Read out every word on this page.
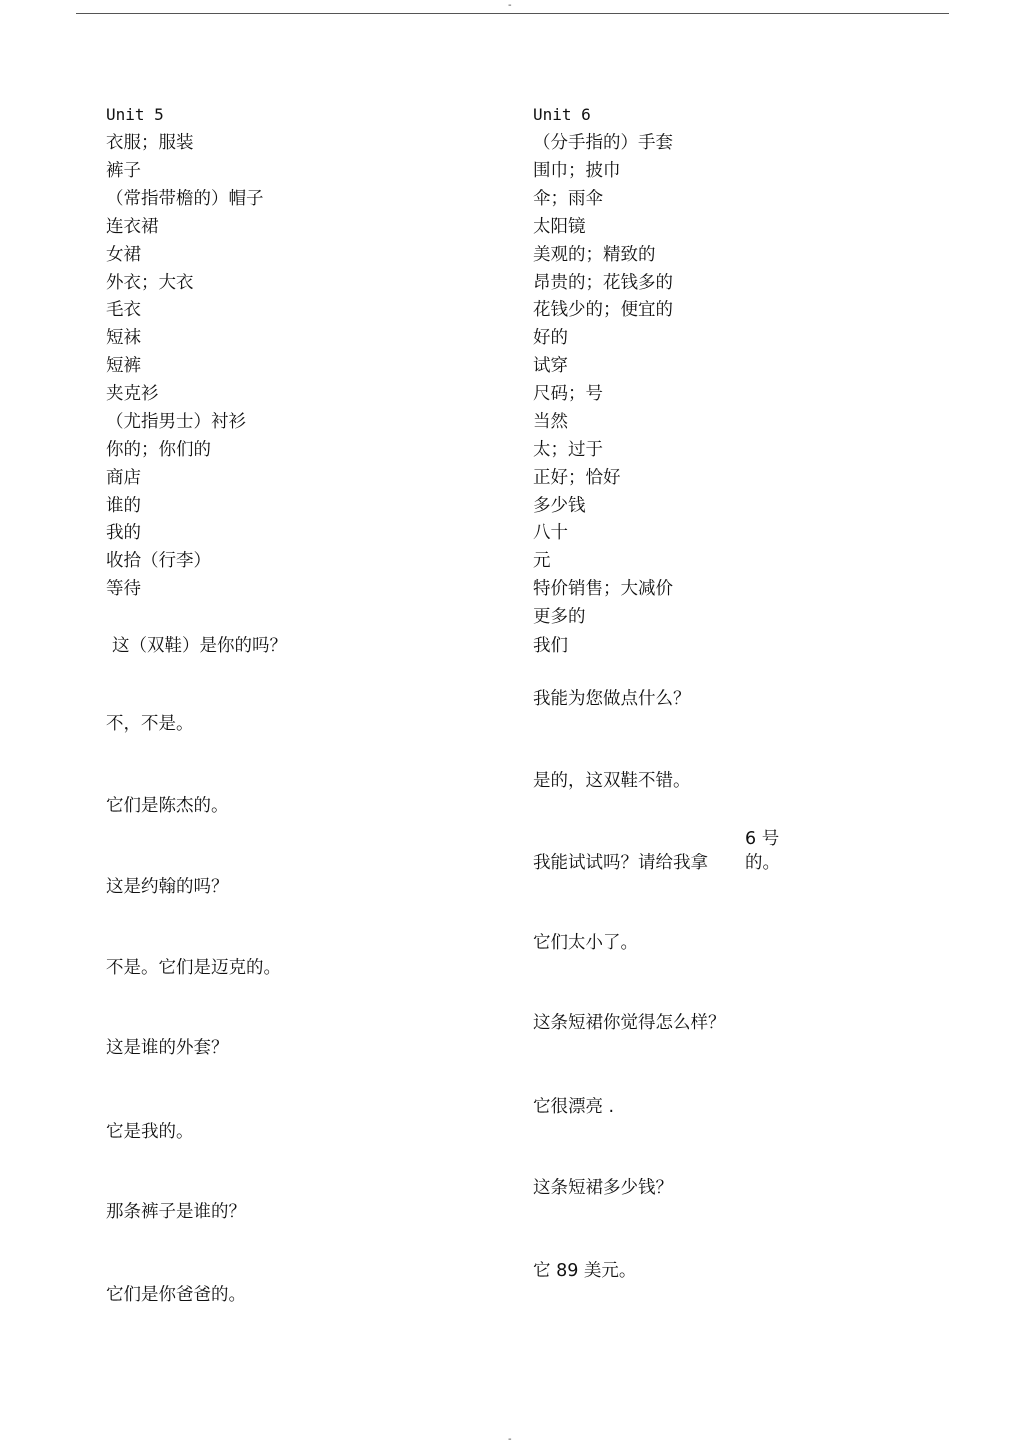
-
Unit 5
衣服；服装
裤子
（常指带檐的）帽子
连衣裙
女裙
外衣；大衣
毛衣
短袜
短裤
夹克衫
（尤指男士）衬衫
你的；你们的
商店
谁的
我的
收拾（行李）
等待
这（双鞋）是你的吗？
不，不是。
它们是陈杰的。
这是约翰的吗？
不是。它们是迈克的。
这是谁的外套？
它是我的。
那条裤子是谁的？
它们是你爸爸的。
Unit 6
（分手指的）手套
围巾；披巾
伞；雨伞
太阳镜
美观的；精致的
昂贵的；花钱多的
花钱少的；便宜的
好的
试穿
尺码；号
当然
太；过于
正好；恰好
多少钱
八十
元
特价销售；大减价
更多的
我们
我能为您做点什么？
是的，这双鞋不错。
我能试试吗？请给我拿
6 号
的。
它们太小了。
这条短裙你觉得怎么样？
它很漂亮 .
这条短裙多少钱？
它 89 美元。
-
